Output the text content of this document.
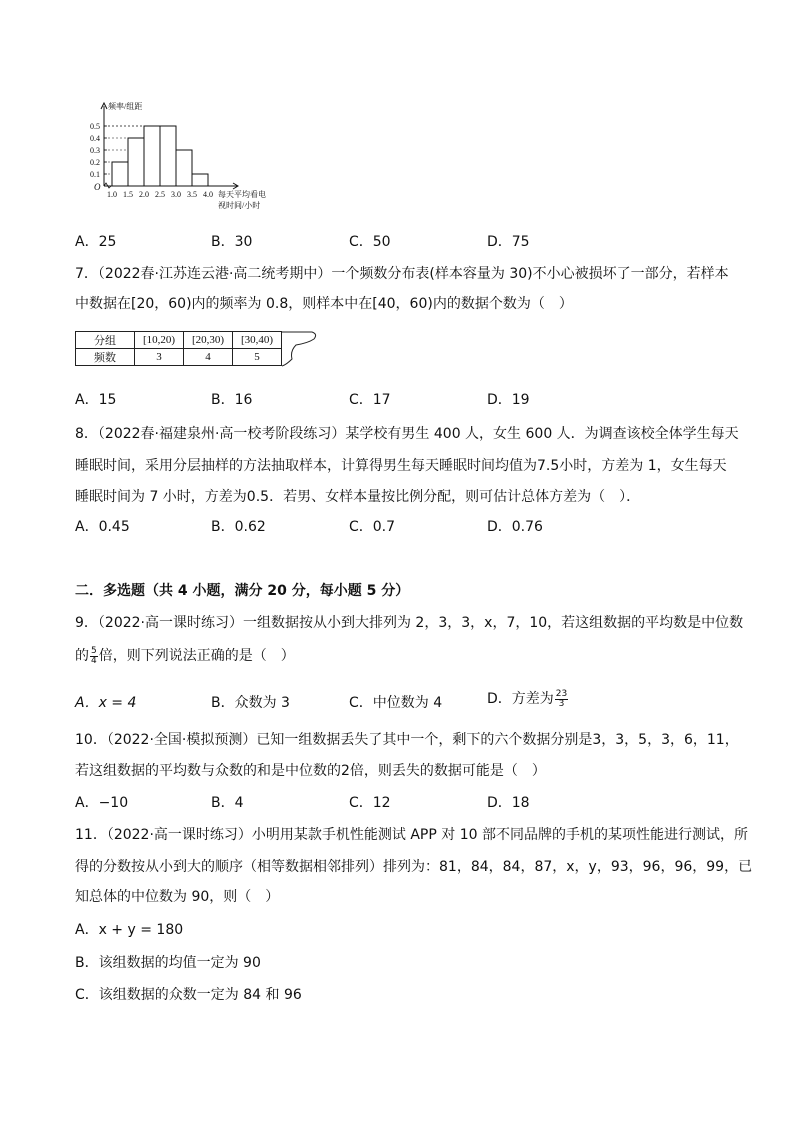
0.5
0.4
0.3
0.2
0.1
1.0 1.5 2.0 2.5 3.0 3.5 4.0
O
频率/组距
每天平均看电
视时间/小时
A．25	B．30	C．50	D．75
7．（2022春·江苏连云港·高二统考期中）一个频数分布表(样本容量为 30)不小心被损坏了一部分，若样本
中数据在[20，60)内的频率为 0.8，则样本中在[40，60)内的数据个数为（　）
分组	[10,20)	[20,30)	[30,40)
频数	3	4	5
A．15	B．16	C．17	D．19
8．（2022春·福建泉州·高一校考阶段练习）某学校有男生 400 人，女生 600 人．为调查该校全体学生每天
睡眠时间，采用分层抽样的方法抽取样本，计算得男生每天睡眠时间均值为7.5小时，方差为 1，女生每天
睡眠时间为 7 小时，方差为0.5．若男、女样本量按比例分配，则可估计总体方差为（　）．
A．0.45	B．0.62	C．0.7	D．0.76
二．多选题（共 4 小题，满分 20 分，每小题 5 分）
9．（2022·高一课时练习）一组数据按从小到大排列为 2，3，3，x，7，10，若这组数据的平均数是中位数
的 $\frac{5}{4}$ 倍，则下列说法正确的是（　）
A．x = 4	B．众数为 3	C．中位数为 4	D．方差为 $\frac{23}{3}$
10．（2022·全国·模拟预测）已知一组数据丢失了其中一个，剩下的六个数据分别是3，3，5，3，6，11，
若这组数据的平均数与众数的和是中位数的2倍，则丢失的数据可能是（　）
A．−10	B．4	C．12	D．18
11．（2022·高一课时练习）小明用某款手机性能测试 APP 对 10 部不同品牌的手机的某项性能进行测试，所
得的分数按从小到大的顺序（相等数据相邻排列）排列为：81，84，84，87，x，y，93，96，96，99，已
知总体的中位数为 90，则（　）
A．x + y = 180
B．该组数据的均值一定为 90
C．该组数据的众数一定为 84 和 96
